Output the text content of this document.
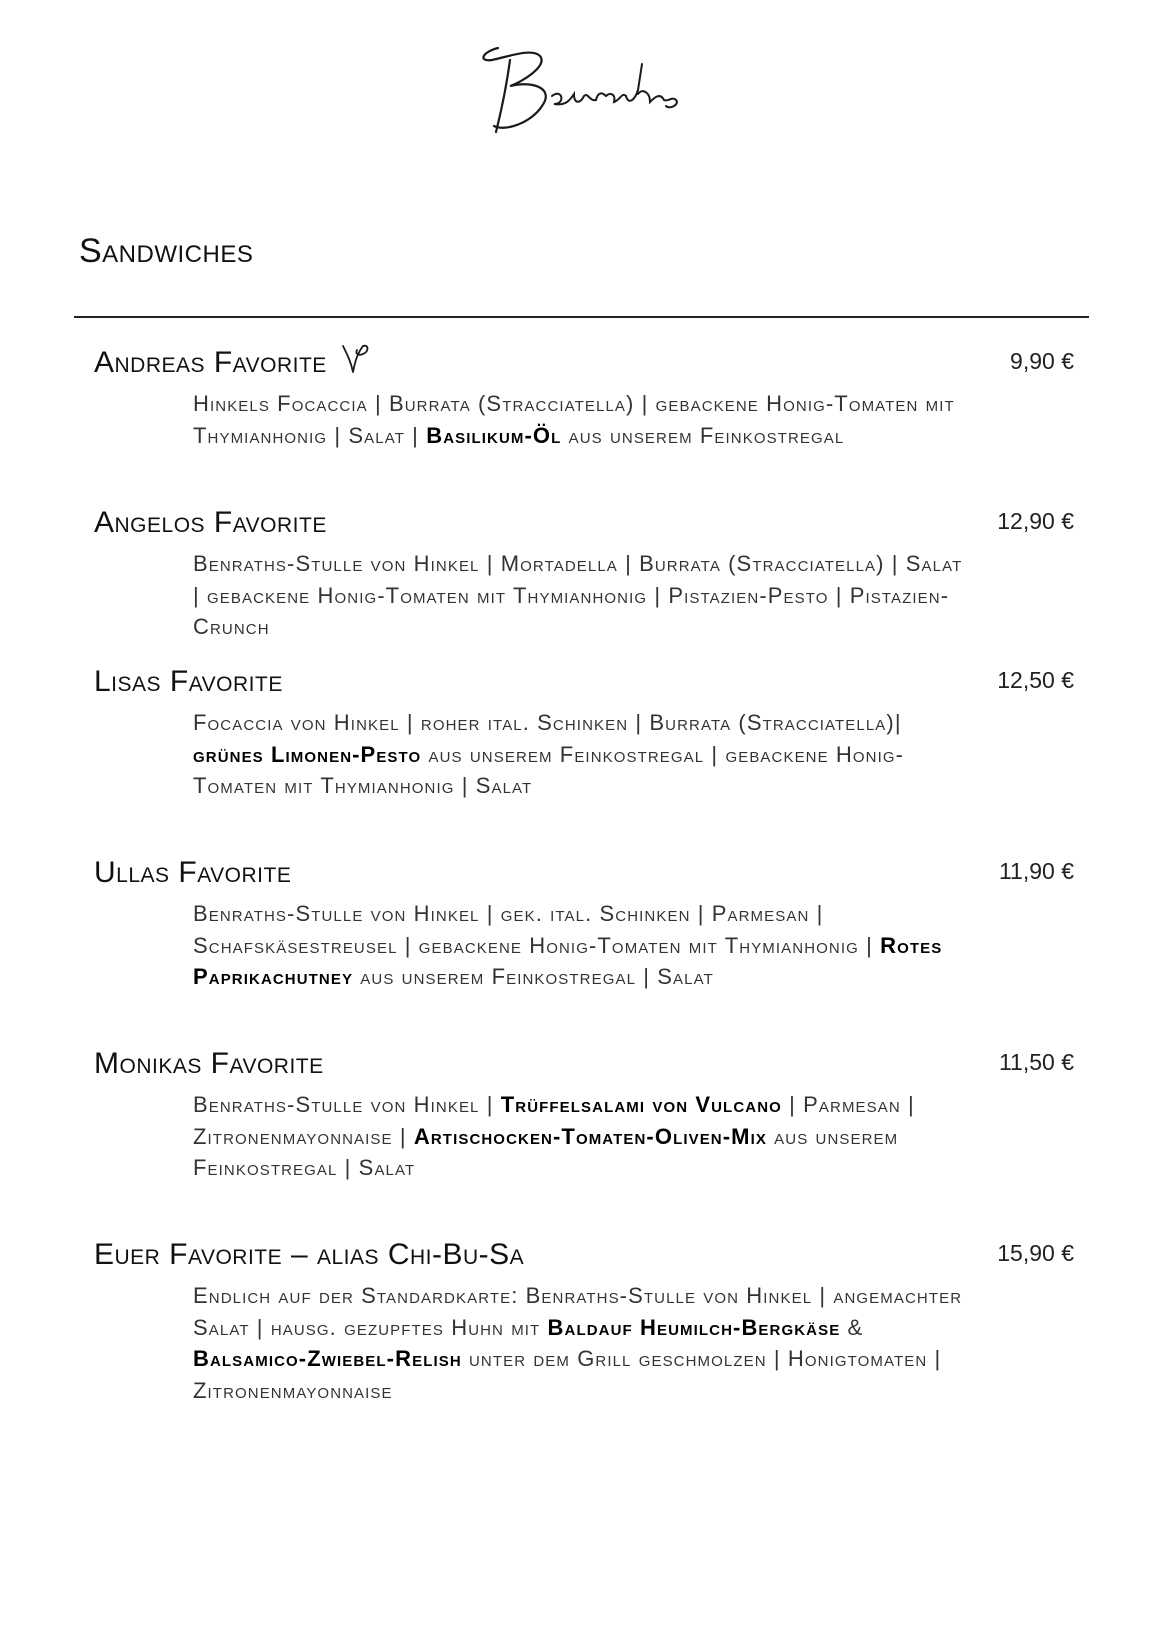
Sandwiches
Andreas Favorite	9,90 €
Hinkels Focaccia | Burrata (Stracciatella) | gebackene Honig-Tomaten mit Thymianhonig | Salat | Basilikum-Öl aus unserem Feinkostregal
Angelos Favorite	12,90 €
Benraths-Stulle von Hinkel | Mortadella | Burrata (Stracciatella) | Salat | gebackene Honig-Tomaten mit Thymianhonig | Pistazien-Pesto | Pistazien-Crunch
Lisas Favorite	12,50 €
Focaccia von Hinkel | roher ital. Schinken | Burrata (Stracciatella)| grünes Limonen-Pesto aus unserem Feinkostregal | gebackene Honig-Tomaten mit Thymianhonig | Salat
Ullas Favorite	11,90 €
Benraths-Stulle von Hinkel | gek. ital. Schinken | Parmesan | Schafskäsestreusel | gebackene Honig-Tomaten mit Thymianhonig | Rotes Paprikachutney aus unserem Feinkostregal | Salat
Monikas Favorite	11,50 €
Benraths-Stulle von Hinkel | Trüffelsalami von Vulcano | Parmesan | Zitronenmayonnaise | Artischocken-Tomaten-Oliven-Mix aus unserem Feinkostregal | Salat
Euer Favorite – alias Chi-Bu-Sa	15,90 €
Endlich auf der Standardkarte: Benraths-Stulle von Hinkel | angemachter Salat | hausg. gezupftes Huhn mit Baldauf Heumilch-Bergkäse & Balsamico-Zwiebel-Relish unter dem Grill geschmolzen | Honigtomaten | Zitronenmayonnaise
